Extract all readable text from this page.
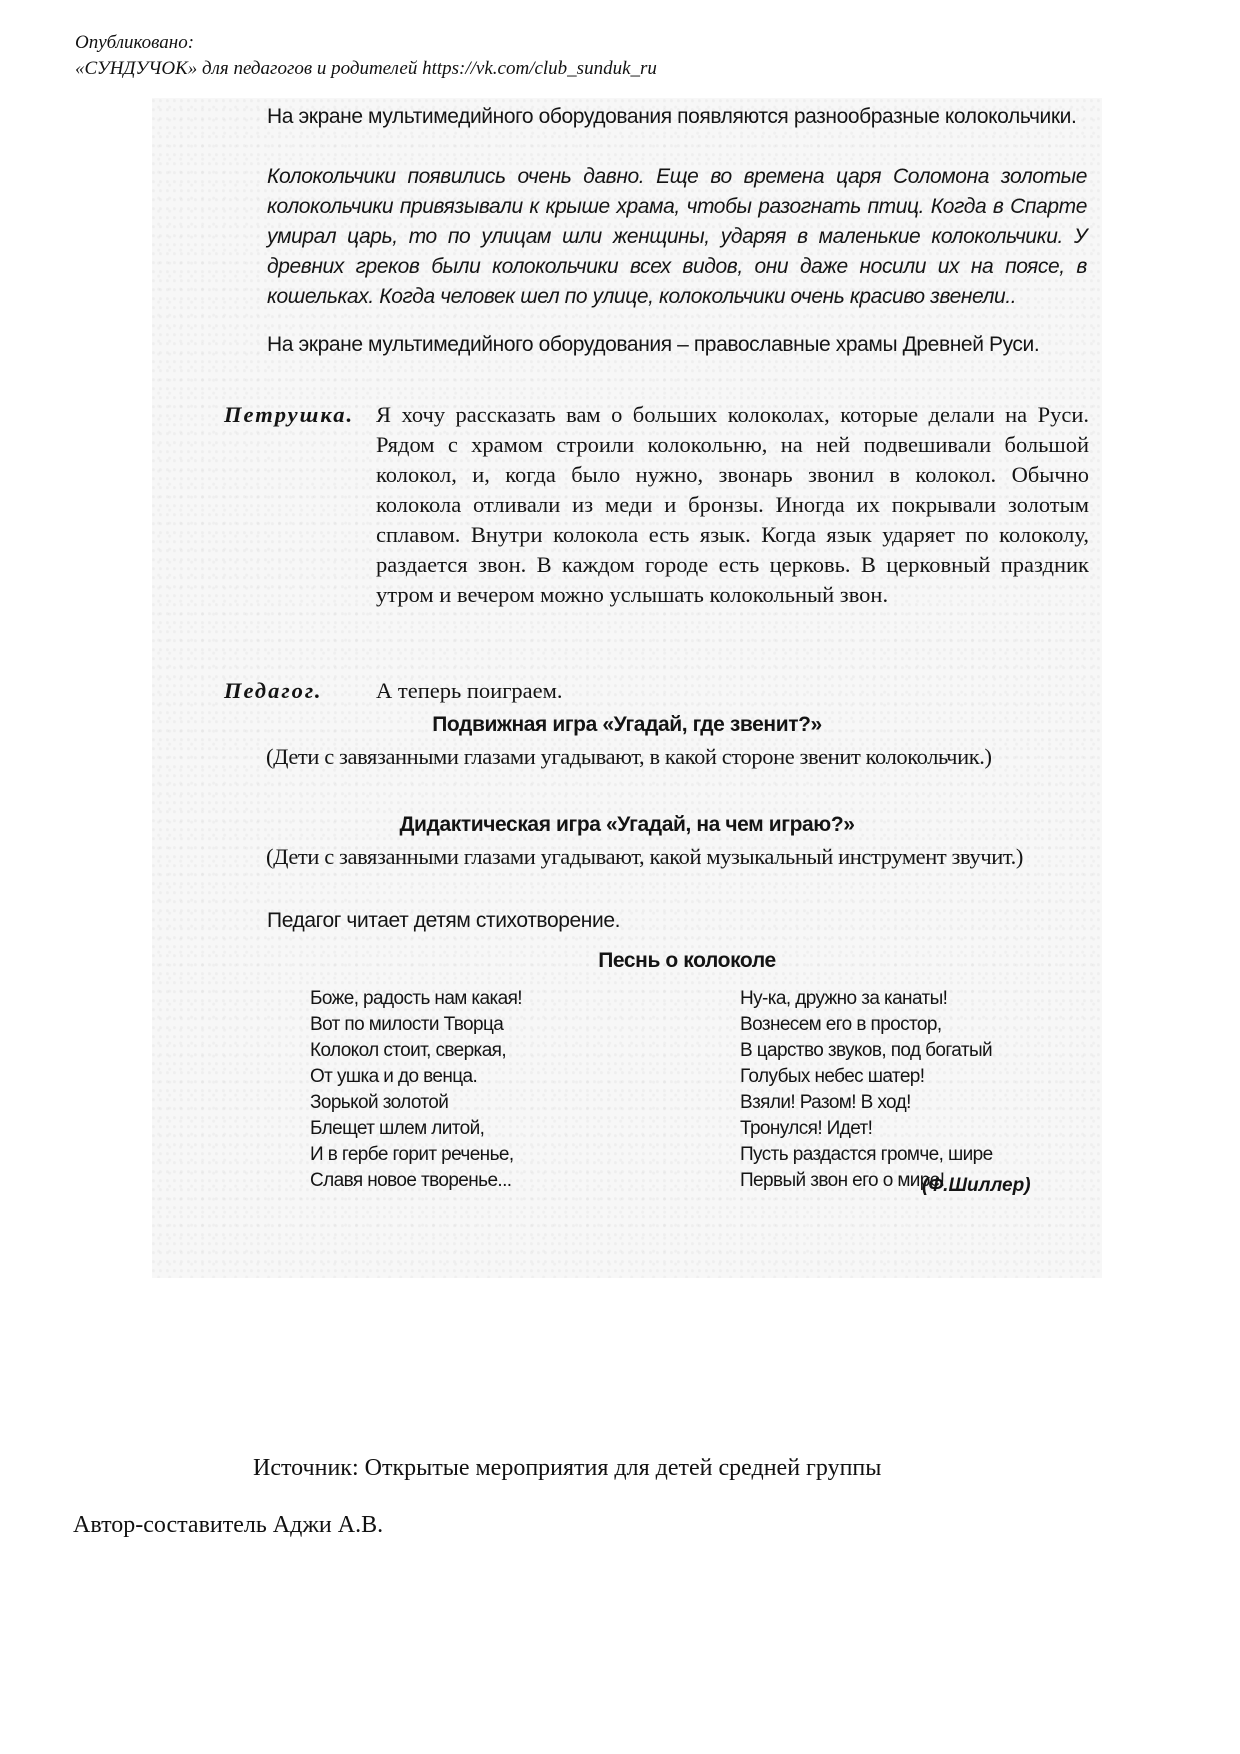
Опубликовано:
«СУНДУЧОК» для педагогов и родителей https://vk.com/club_sunduk_ru
На экране мультимедийного оборудования появляются разнообразные колокольчики.
Колокольчики появились очень давно. Еще во времена царя Соломона золотые колокольчики привязывали к крыше храма, чтобы разогнать птиц. Когда в Спарте умирал царь, то по улицам шли женщины, ударяя в маленькие колокольчики. У древних греков были колокольчики всех видов, они даже носили их на поясе, в кошельках. Когда человек шел по улице, колокольчики очень красиво звенели..
На экране мультимедийного оборудования – православные храмы Древней Руси.
Петрушка. Я хочу рассказать вам о больших колоколах, которые делали на Руси. Рядом с храмом строили колокольню, на ней подвешивали большой колокол, и, когда было нужно, звонарь звонил в колокол. Обычно колокола отливали из меди и бронзы. Иногда их покрывали золотым сплавом. Внутри колокола есть язык. Когда язык ударяет по колоколу, раздается звон. В каждом городе есть церковь. В церковный праздник утром и вечером можно услышать колокольный звон.
Педагог.	А теперь поиграем.
Подвижная игра «Угадай, где звенит?»
(Дети с завязанными глазами угадывают, в какой стороне звенит колокольчик.)
Дидактическая игра «Угадай, на чем играю?»
(Дети с завязанными глазами угадывают, какой музыкальный инструмент звучит.)
Педагог читает детям стихотворение.
Песнь о колоколе
Боже, радость нам какая!
Вот по милости Творца
Колокол стоит, сверкая,
От ушка и до венца.
Зорькой золотой
Блещет шлем литой,
И в гербе горит реченье,
Славя новое творенье...
Ну-ка, дружно за канаты!
Вознесем его в простор,
В царство звуков, под богатый
Голубых небес шатер!
Взяли! Разом! В ход!
Тронулся! Идет!
Пусть раздастся громче, шире
Первый звон его о мире!
(Ф.Шиллер)
Источник: Открытые мероприятия для детей средней группы
Автор-составитель Аджи А.В.
